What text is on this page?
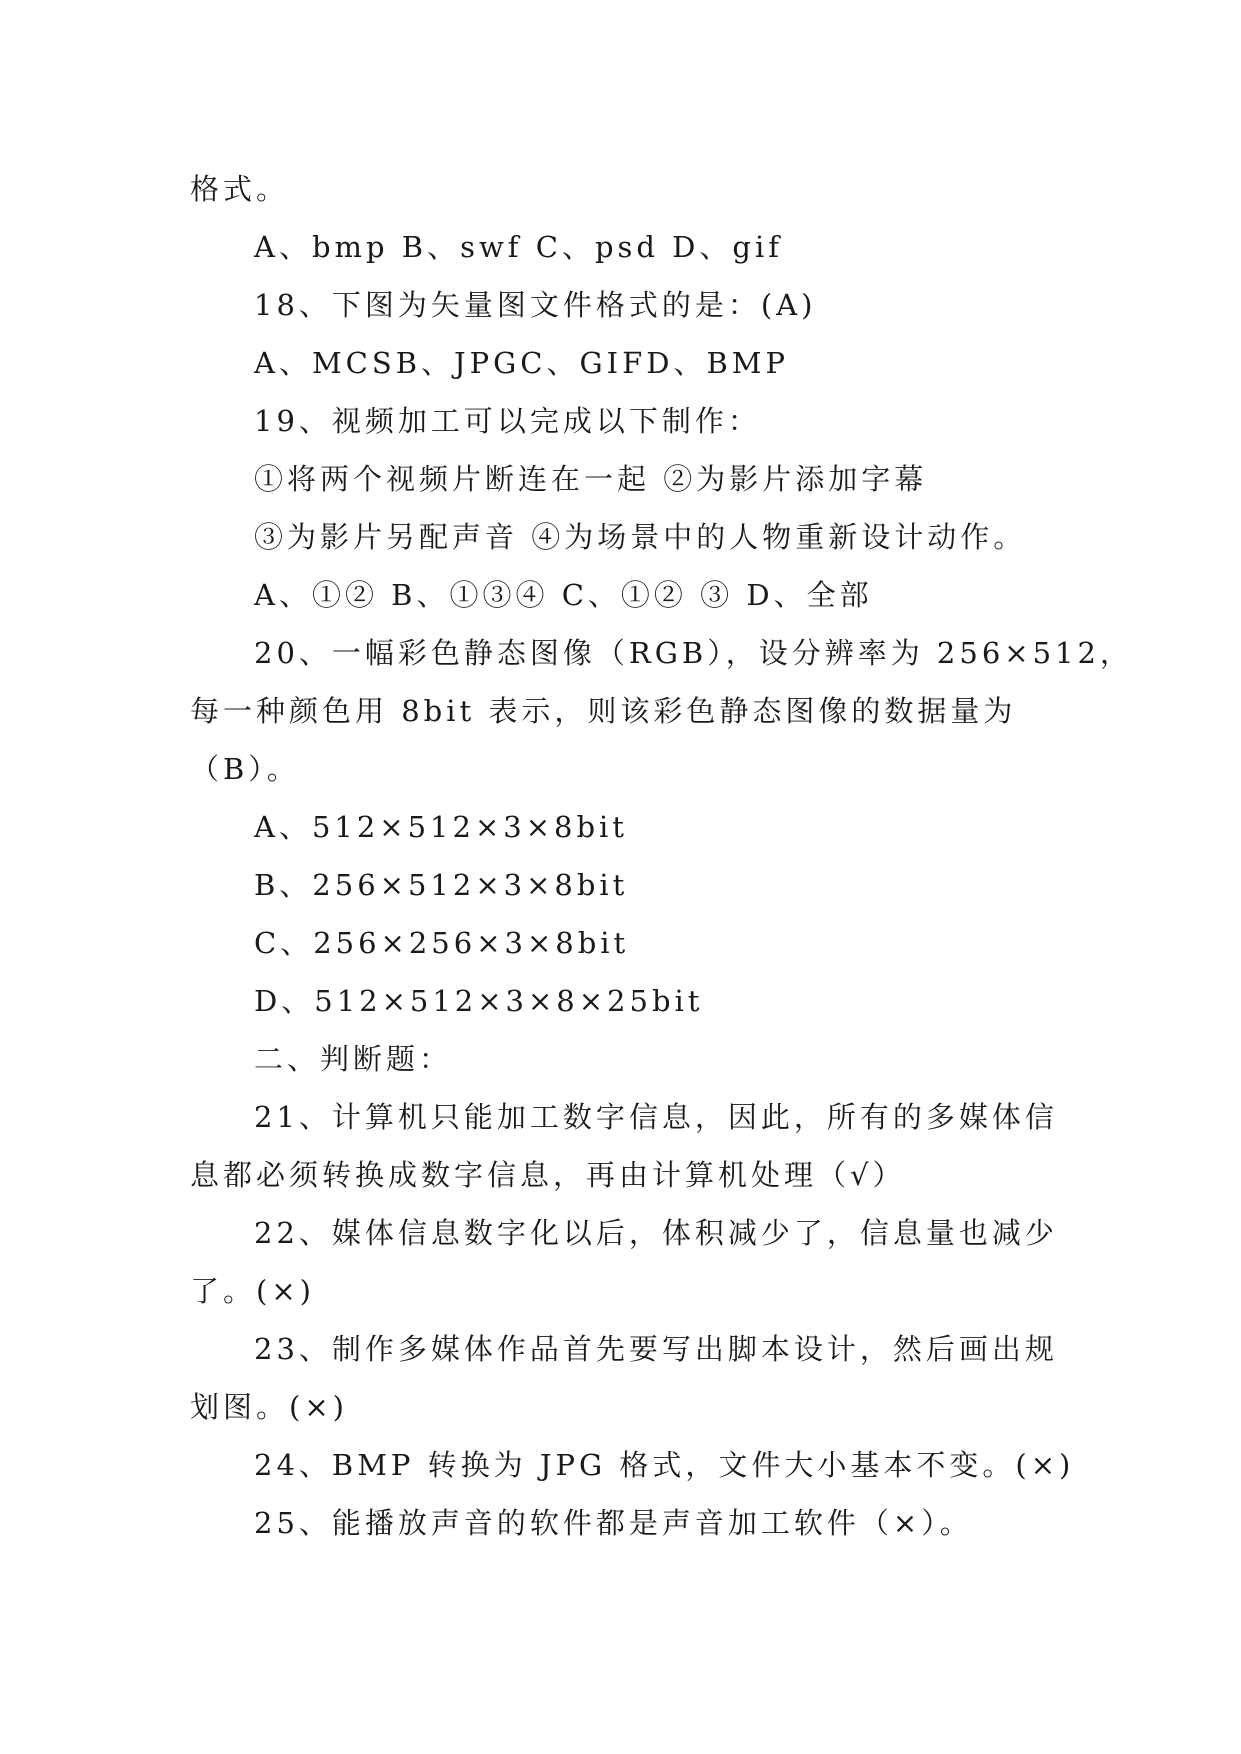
格式。
A、bmp B、swf C、psd D、gif
18、下图为矢量图文件格式的是：(A)
A、MCSB、JPGC、GIFD、BMP
19、视频加工可以完成以下制作：
①将两个视频片断连在一起 ②为影片添加字幕
③为影片另配声音 ④为场景中的人物重新设计动作。
A、①② B、①③④ C、①② ③ D、全部
20、一幅彩色静态图像（RGB），设分辨率为 256×512，
每一种颜色用 8bit 表示，则该彩色静态图像的数据量为
（B）。
A、512×512×3×8bit
B、256×512×3×8bit
C、256×256×3×8bit
D、512×512×3×8×25bit
二、判断题：
21、计算机只能加工数字信息，因此，所有的多媒体信
息都必须转换成数字信息，再由计算机处理（√）
22、媒体信息数字化以后，体积减少了，信息量也减少
了。(×)
23、制作多媒体作品首先要写出脚本设计，然后画出规
划图。(×)
24、BMP 转换为 JPG 格式，文件大小基本不变。(×)
25、能播放声音的软件都是声音加工软件（×）。
